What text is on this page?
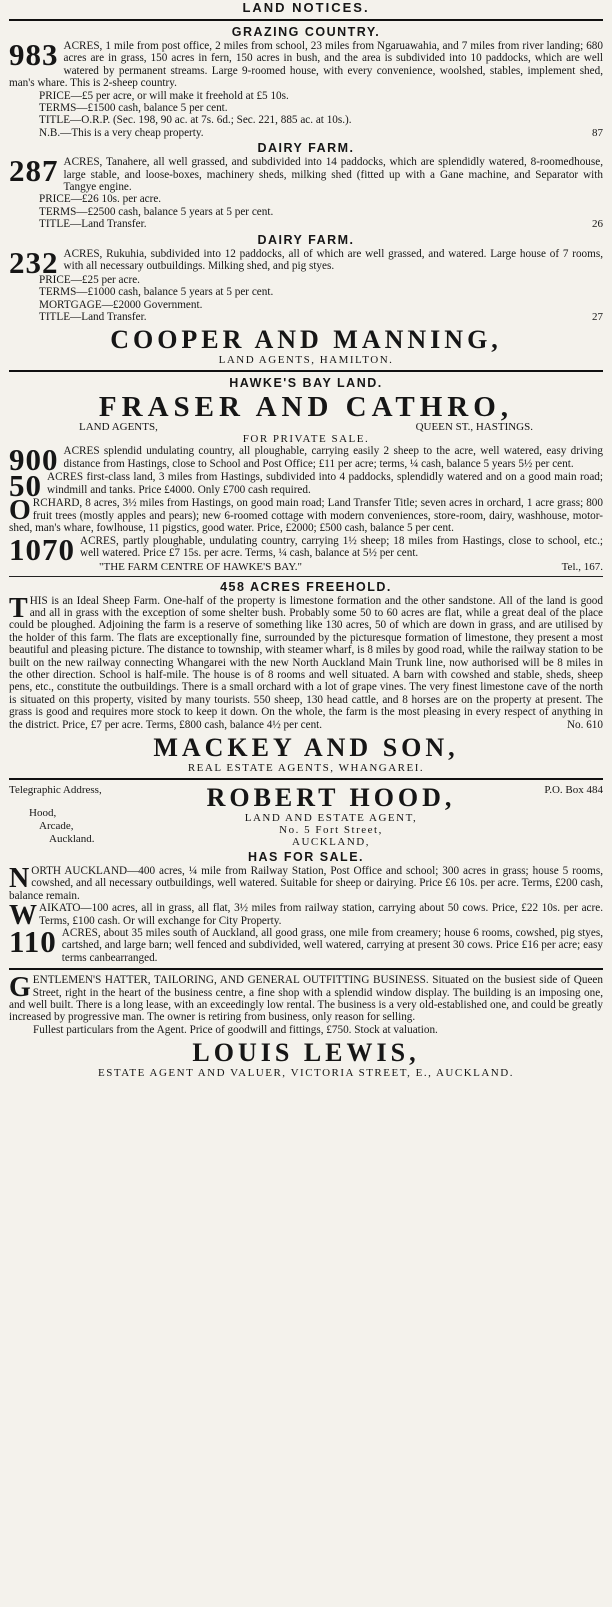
LAND NOTICES.
GRAZING COUNTRY.
983 ACRES, 1 mile from post office, 2 miles from school, 23 miles from Ngaruawahia, and 7 miles from river landing; 680 acres are in grass, 150 acres in fern, 150 acres in bush, and the area is subdivided into 10 paddocks, which are well watered by permanent streams. Large 9-roomed house, with every convenience, woolshed, stables, implement shed, man's whare. This is 2-sheep country.

PRICE—£5 per acre, or will make it freehold at £5 10s.

TERMS—£1500 cash, balance 5 per cent.

TITLE—O.R.P. (Sec. 198, 90 ac. at 7s. 6d.; Sec. 221, 885 ac. at 10s.).

N.B.—This is a very cheap property.	87

DAIRY FARM.
287 ACRES, Tanahere, all well grassed, and subdivided into 14 paddocks, which are splendidly watered, 8-roomedhouse, large stable, and loose-boxes, machinery sheds, milking shed (fitted up with a Gane machine, and Separator with Tangye engine.

PRICE—£26 10s. per acre.

TERMS—£2500 cash, balance 5 years at 5 per cent.

TITLE—Land Transfer.	26

DAIRY FARM.
232 ACRES, Rukuhia, subdivided into 12 paddocks, all of which are well grassed, and watered. Large house of 7 rooms, with all necessary outbuildings. Milking shed, and pig styes.

PRICE—£25 per acre.

TERMS—£1000 cash, balance 5 years at 5 per cent.

MORTGAGE—£2000 Government.

TITLE—Land Transfer.	27

COOPER AND MANNING,
LAND AGENTS, HAMILTON.
HAWKE'S BAY LAND.
FRASER AND CATHRO,
LAND AGENTS,	QUEEN ST., HASTINGS.
FOR PRIVATE SALE.
900 ACRES splendid undulating country, all ploughable, carrying easily 2 sheep to the acre, well watered, easy driving distance from Hastings, close to School and Post Office; £11 per acre; terms, ¼ cash, balance 5 years 5½ per cent.

50 ACRES first-class land, 3 miles from Hastings, subdivided into 4 paddocks, splendidly watered and on a good main road; windmill and tanks. Price £4000. Only £700 cash required.

O RCHARD, 8 acres, 3½ miles from Hastings, on good main road; Land Transfer Title; seven acres in orchard, 1 acre grass; 800 fruit trees (mostly apples and pears); new 6-roomed cottage with modern conveniences, store-room, dairy, washhouse, motor-shed, man's whare, fowlhouse, 11 pigstics, good water. Price, £2000; £500 cash, balance 5 per cent.

1070 ACRES, partly ploughable, undulating country, carrying 1½ sheep; 18 miles from Hastings, close to school, etc.; well watered. Price £7 15s. per acre. Terms, ¼ cash, balance at 5½ per cent.

"THE FARM CENTRE OF HAWKE'S BAY."	Tel., 167.
458 ACRES FREEHOLD.
T HIS is an Ideal Sheep Farm. One-half of the property is limestone formation and the other sandstone. All of the land is good and all in grass with the exception of some shelter bush. Probably some 50 to 60 acres are flat, while a great deal of the place could be ploughed. Adjoining the farm is a reserve of something like 130 acres, 50 of which are down in grass, and are utilised by the holder of this farm. The flats are exceptionally fine, surrounded by the picturesque formation of limestone, they present a most beautiful and pleasing picture. The distance to township, with steamer wharf, is 8 miles by good road, while the railway station to be built on the new railway connecting Whangarei with the new North Auckland Main Trunk line, now authorised will be 8 miles in the other direction. School is half-mile. The house is of 8 rooms and well situated. A barn with cowshed and stable, sheds, sheep pens, etc., constitute the outbuildings. There is a small orchard with a lot of grape vines. The very finest limestone cave of the north is situated on this property, visited by many tourists. 550 sheep, 130 head cattle, and 8 horses are on the property at present. The grass is good and requires more stock to keep it down. On the whole, the farm is the most pleasing in every respect of anything in the district. Price, £7 per acre. Terms, £800 cash, balance 4½ per cent.	No. 610

MACKEY AND SON,
REAL ESTATE AGENTS, WHANGAREI.
Telegraphic Address,
Hood,
Arcade,
Auckland.
ROBERT HOOD,
LAND AND ESTATE AGENT,
No. 5 Fort Street,
AUCKLAND,
P.O. Box 484
HAS FOR SALE.
N ORTH AUCKLAND—400 acres, ¼ mile from Railway Station, Post Office and school; 300 acres in grass; house 5 rooms, cowshed, and all necessary outbuildings, well watered. Suitable for sheep or dairying. Price £6 10s. per acre. Terms, £200 cash, balance remain.

W AIKATO—100 acres, all in grass, all flat, 3½ miles from railway station, carrying about 50 cows. Price, £22 10s. per acre. Terms, £100 cash. Or will exchange for City Property.

110 ACRES, about 35 miles south of Auckland, all good grass, one mile from creamery; house 6 rooms, cowshed, pig styes, cartshed, and large barn; well fenced and subdivided, well watered, carrying at present 30 cows. Price £16 per acre; easy terms canbearranged.

G ENTLEMEN'S HATTER, TAILORING, AND GENERAL OUTFITTING BUSINESS. Situated on the busiest side of Queen Street, right in the heart of the business centre, a fine shop with a splendid window display. The building is an imposing one, and well built. There is a long lease, with an exceedingly low rental. The business is a very old-established one, and could be greatly increased by progressive man. The owner is retiring from business, only reason for selling.

Fullest particulars from the Agent. Price of goodwill and fittings, £750. Stock at valuation.

LOUIS LEWIS,
ESTATE AGENT AND VALUER, VICTORIA STREET, E., AUCKLAND.
